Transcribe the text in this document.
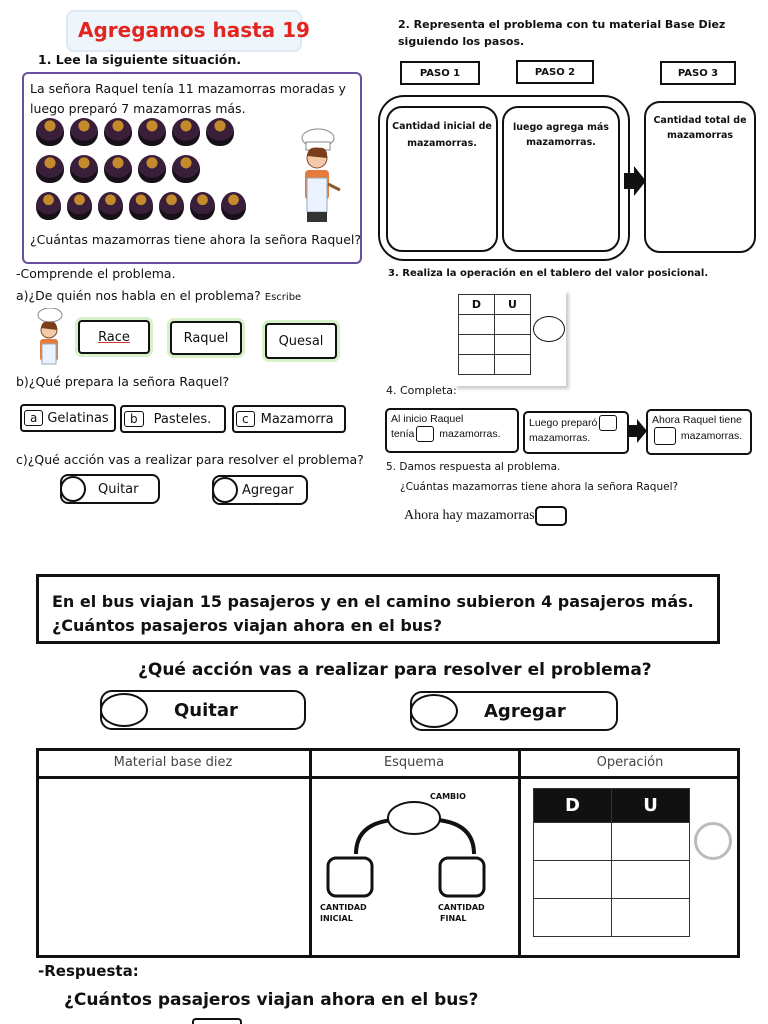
Agregamos hasta 19
1. Lee la siguiente situación.
La señora Raquel tenía 11 mazamorras moradas y luego preparó 7 mazamorras más.
¿Cuántas mazamorras tiene ahora la señora Raquel?
-Comprende el problema.
a)¿De quién nos habla en el problema? Escribe
Race	Raquel	Quesal
b)¿Qué prepara la señora Raquel?
a Gelatinas	b	Pasteles.	c Mazamorra
c)¿Qué acción vas a realizar para resolver el problema?
Quitar	Agregar
2. Representa el problema con tu material Base Diez siguiendo los pasos.
PASO 1	PASO 2	PASO 3
Cantidad inicial de mazamorras.
luego agrega más mazamorras.
Cantidad total de mazamorras
3. Realiza la operación en el tablero del valor posicional.
D	U

4. Completa:
Al inicio Raquel
tenía mazamorras.
Luego preparó
mazamorras.
Ahora Raquel tiene
mazamorras.
5. Damos respuesta al problema.
¿Cuántas mazamorras tiene ahora la señora Raquel?
Ahora hay mazamorras
En el bus viajan 15 pasajeros y en el camino subieron 4 pasajeros más.
¿Cuántos pasajeros viajan ahora en el bus?
¿Qué acción vas a realizar para resolver el problema?
Quitar	Agregar
Material base diez	Esquema	Operación
CAMBIO
CANTIDAD
INICIAL
CANTIDAD
FINAL
D	U

-Respuesta:
¿Cuántos pasajeros viajan ahora en el bus?
